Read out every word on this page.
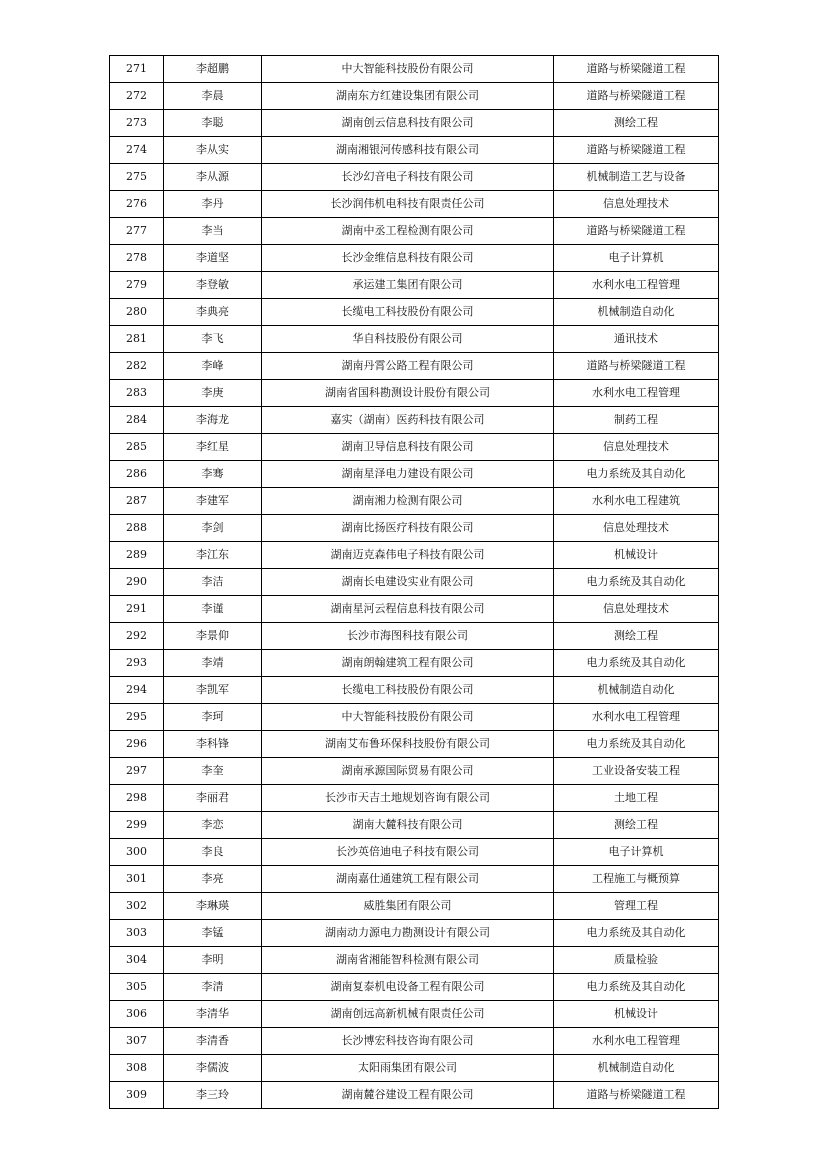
271	李超鹏	中大智能科技股份有限公司	道路与桥梁隧道工程
272	李晨	湖南东方红建设集团有限公司	道路与桥梁隧道工程
273	李聪	湖南创云信息科技有限公司	测绘工程
274	李从实	湖南湘银河传感科技有限公司	道路与桥梁隧道工程
275	李从源	长沙幻音电子科技有限公司	机械制造工艺与设备
276	李丹	长沙润伟机电科技有限责任公司	信息处理技术
277	李当	湖南中丞工程检测有限公司	道路与桥梁隧道工程
278	李道坚	长沙金维信息科技有限公司	电子计算机
279	李登敏	承运建工集团有限公司	水利水电工程管理
280	李典亮	长缆电工科技股份有限公司	机械制造自动化
281	李飞	华自科技股份有限公司	通讯技术
282	李峰	湖南丹霄公路工程有限公司	道路与桥梁隧道工程
283	李庚	湖南省国科勘测设计股份有限公司	水利水电工程管理
284	李海龙	嘉实（湖南）医药科技有限公司	制药工程
285	李红星	湖南卫导信息科技有限公司	信息处理技术
286	李骞	湖南星泽电力建设有限公司	电力系统及其自动化
287	李建军	湖南湘力检测有限公司	水利水电工程建筑
288	李剑	湖南比扬医疗科技有限公司	信息处理技术
289	李江东	湖南迈克森伟电子科技有限公司	机械设计
290	李洁	湖南长电建设实业有限公司	电力系统及其自动化
291	李谨	湖南星河云程信息科技有限公司	信息处理技术
292	李景仰	长沙市海图科技有限公司	测绘工程
293	李靖	湖南朗翰建筑工程有限公司	电力系统及其自动化
294	李凯军	长缆电工科技股份有限公司	机械制造自动化
295	李珂	中大智能科技股份有限公司	水利水电工程管理
296	李科锋	湖南艾布鲁环保科技股份有限公司	电力系统及其自动化
297	李奎	湖南承源国际贸易有限公司	工业设备安装工程
298	李丽君	长沙市天吉土地规划咨询有限公司	土地工程
299	李恋	湖南大麓科技有限公司	测绘工程
300	李良	长沙英倍迪电子科技有限公司	电子计算机
301	李亮	湖南嘉仕通建筑工程有限公司	工程施工与概预算
302	李琳瑛	威胜集团有限公司	管理工程
303	李锰	湖南动力源电力勘测设计有限公司	电力系统及其自动化
304	李明	湖南省湘能智科检测有限公司	质量检验
305	李清	湖南复泰机电设备工程有限公司	电力系统及其自动化
306	李清华	湖南创远高新机械有限责任公司	机械设计
307	李清香	长沙博宏科技咨询有限公司	水利水电工程管理
308	李儒波	太阳雨集团有限公司	机械制造自动化
309	李三玲	湖南麓谷建设工程有限公司	道路与桥梁隧道工程
